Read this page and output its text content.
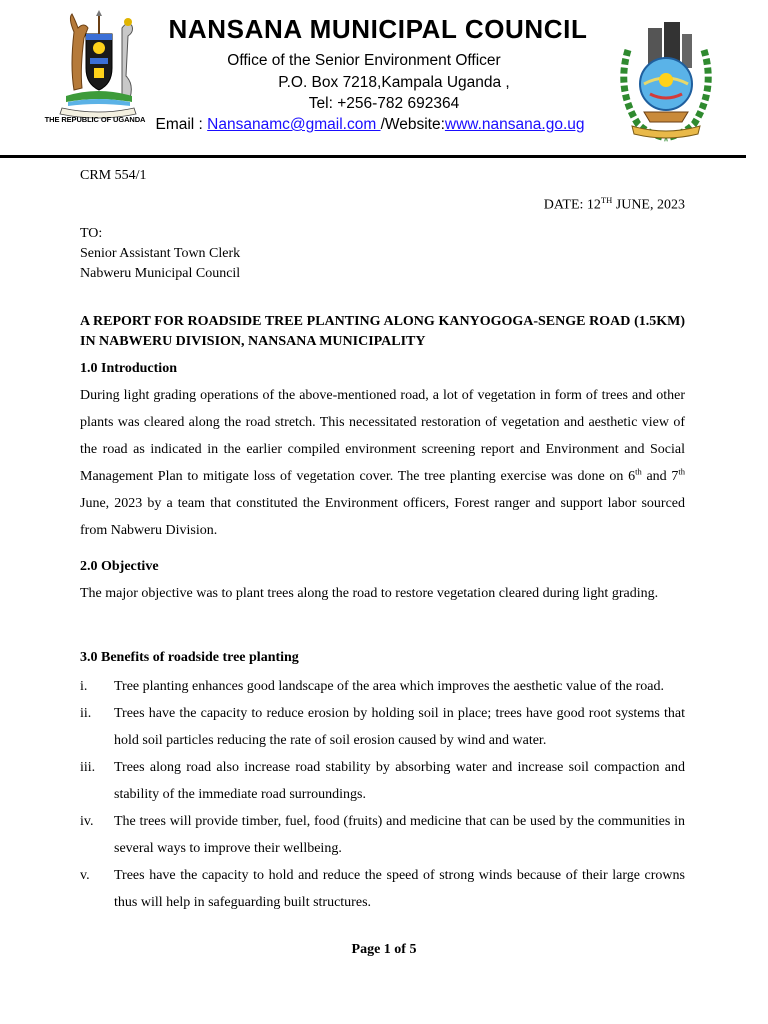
THE REPUBLIC OF UGANDA
NANSANA MUNICIPAL COUNCIL
Office of the Senior Environment Officer
P.O. Box 7218,Kampala Uganda ,
Tel: +256-782 692364
Email : Nansanamc@gmail.com /Website:www.nansana.go.ug
CRM 554/1
DATE: 12TH JUNE, 2023
TO:
Senior Assistant Town Clerk
Nabweru Municipal Council
A REPORT FOR ROADSIDE TREE PLANTING ALONG KANYOGOGA-SENGE ROAD (1.5KM) IN NABWERU DIVISION, NANSANA MUNICIPALITY
1.0 Introduction
During light grading operations of the above-mentioned road, a lot of vegetation in form of trees and other plants was cleared along the road stretch. This necessitated restoration of vegetation and aesthetic view of the road as indicated in the earlier compiled environment screening report and Environment and Social Management Plan to mitigate loss of vegetation cover. The tree planting exercise was done on 6th and 7th June, 2023 by a team that constituted the Environment officers, Forest ranger and support labor sourced from Nabweru Division.
2.0 Objective
The major objective was to plant trees along the road to restore vegetation cleared during light grading.
3.0 Benefits of roadside tree planting
i.	Tree planting enhances good landscape of the area which improves the aesthetic value of the road.
ii.	Trees have the capacity to reduce erosion by holding soil in place; trees have good root systems that hold soil particles reducing the rate of soil erosion caused by wind and water.
iii. Trees along road also increase road stability by absorbing water and increase soil compaction and stability of the immediate road surroundings.
iv. The trees will provide timber, fuel, food (fruits) and medicine that can be used by the communities in several ways to improve their wellbeing.
v.	Trees have the capacity to hold and reduce the speed of strong winds because of their large crowns thus will help in safeguarding built structures.
Page 1 of 5
